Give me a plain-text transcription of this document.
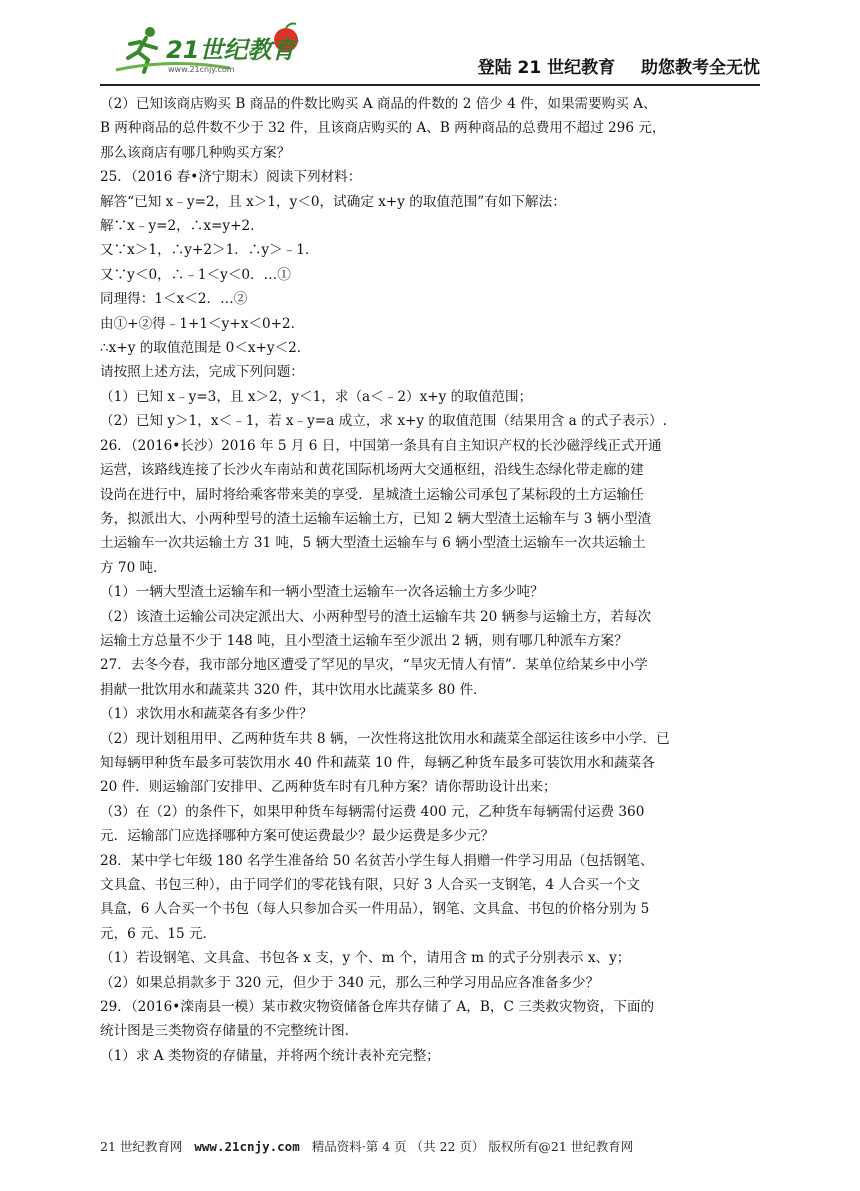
21世纪教育
www.21cnjy.com	登陆 21 世纪教育 助您教考全无忧
（2）已知该商店购买 B 商品的件数比购买 A 商品的件数的 2 倍少 4 件，如果需要购买 A、
B 两种商品的总件数不少于 32 件，且该商店购买的 A、B 两种商品的总费用不超过 296 元，
那么该商店有哪几种购买方案？
25．（2016 春•济宁期末）阅读下列材料：
解答“已知 x﹣y=2，且 x＞1，y＜0，试确定 x+y 的取值范围”有如下解法：
解∵x﹣y=2，∴x=y+2．
又∵x＞1，∴y+2＞1．∴y＞﹣1．
又∵y＜0，∴﹣1＜y＜0．…①
同理得：1＜x＜2．…②
由①+②得﹣1+1＜y+x＜0+2．
∴x+y 的取值范围是 0＜x+y＜2．
请按照上述方法，完成下列问题：
（1）已知 x﹣y=3，且 x＞2，y＜1，求（a＜﹣2）x+y 的取值范围；
（2）已知 y＞1，x＜﹣1，若 x﹣y=a 成立，求 x+y 的取值范围（结果用含 a 的式子表示）.
26．（2016•长沙）2016 年 5 月 6 日，中国第一条具有自主知识产权的长沙磁浮线正式开通
运营，该路线连接了长沙火车南站和黄花国际机场两大交通枢纽，沿线生态绿化带走廊的建
设尚在进行中，届时将给乘客带来美的享受．星城渣土运输公司承包了某标段的土方运输任
务，拟派出大、小两种型号的渣土运输车运输土方，已知 2 辆大型渣土运输车与 3 辆小型渣
土运输车一次共运输土方 31 吨，5 辆大型渣土运输车与 6 辆小型渣土运输车一次共运输土
方 70 吨．
（1）一辆大型渣土运输车和一辆小型渣土运输车一次各运输土方多少吨？
（2）该渣土运输公司决定派出大、小两种型号的渣土运输车共 20 辆参与运输土方，若每次
运输土方总量不少于 148 吨，且小型渣土运输车至少派出 2 辆，则有哪几种派车方案？
27．去冬今春，我市部分地区遭受了罕见的旱灾，“旱灾无情人有情”．某单位给某乡中小学
捐献一批饮用水和蔬菜共 320 件，其中饮用水比蔬菜多 80 件．
（1）求饮用水和蔬菜各有多少件？
（2）现计划租用甲、乙两种货车共 8 辆，一次性将这批饮用水和蔬菜全部运往该乡中小学．已
知每辆甲种货车最多可装饮用水 40 件和蔬菜 10 件，每辆乙种货车最多可装饮用水和蔬菜各
20 件．则运输部门安排甲、乙两种货车时有几种方案？请你帮助设计出来；
（3）在（2）的条件下，如果甲种货车每辆需付运费 400 元，乙种货车每辆需付运费 360
元．运输部门应选择哪种方案可使运费最少？最少运费是多少元？
28．某中学七年级 180 名学生准备给 50 名贫苦小学生每人捐赠一件学习用品（包括钢笔、
文具盒、书包三种），由于同学们的零花钱有限，只好 3 人合买一支钢笔，4 人合买一个文
具盒，6 人合买一个书包（每人只参加合买一件用品），钢笔、文具盒、书包的价格分别为 5
元，6 元、15 元．
（1）若设钢笔、文具盒、书包各 x 支，y 个、m 个，请用含 m 的式子分别表示 x、y；
（2）如果总捐款多于 320 元，但少于 340 元，那么三种学习用品应各准备多少？
29．（2016•滦南县一模）某市救灾物资储备仓库共存储了 A，B，C 三类救灾物资，下面的
统计图是三类物资存储量的不完整统计图．
（1）求 A 类物资的存储量，并将两个统计表补充完整；
21 世纪教育网 www.21cnjy.com 精品资料·第 4 页 （共 22 页） 版权所有@21 世纪教育网
